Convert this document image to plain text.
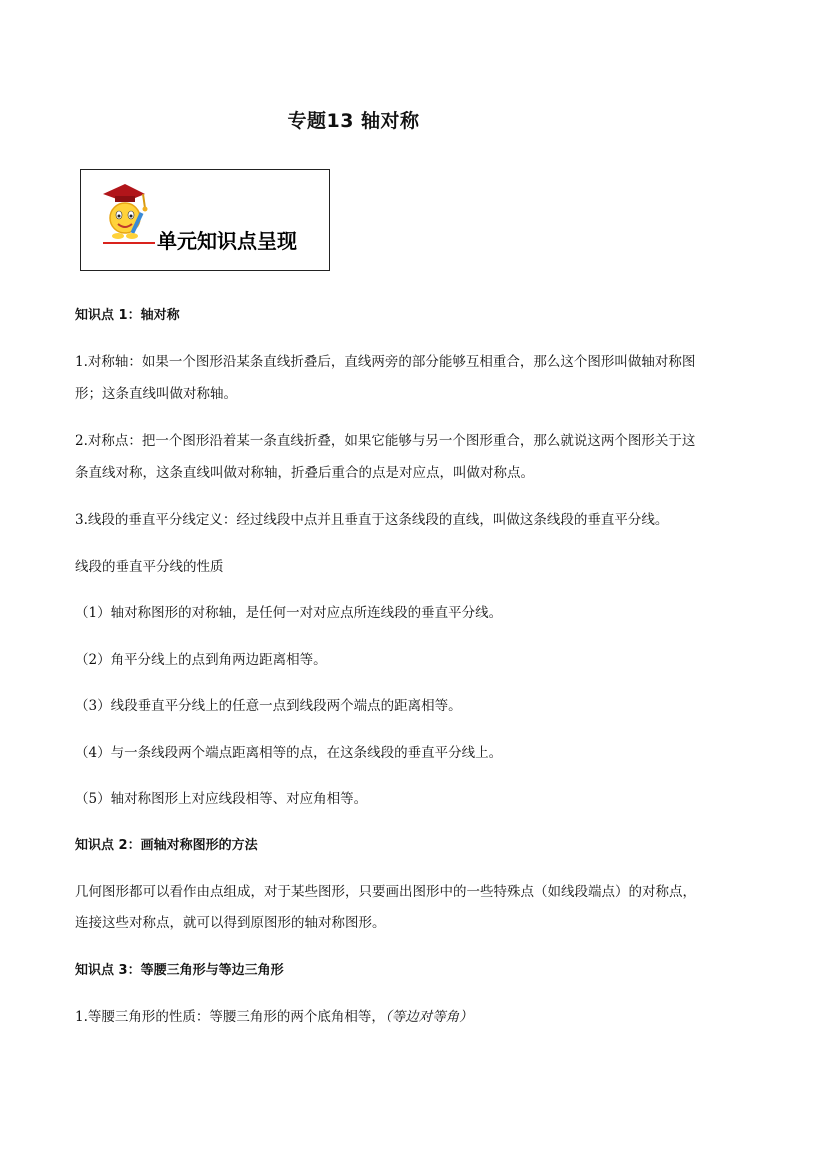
专题13 轴对称
单元知识点呈现
知识点 1：轴对称
1.对称轴：如果一个图形沿某条直线折叠后，直线两旁的部分能够互相重合，那么这个图形叫做轴对称图
形；这条直线叫做对称轴。
2.对称点：把一个图形沿着某一条直线折叠，如果它能够与另一个图形重合，那么就说这两个图形关于这
条直线对称，这条直线叫做对称轴，折叠后重合的点是对应点，叫做对称点。
3.线段的垂直平分线定义：经过线段中点并且垂直于这条线段的直线，叫做这条线段的垂直平分线。
线段的垂直平分线的性质
（1）轴对称图形的对称轴，是任何一对对应点所连线段的垂直平分线。
（2）角平分线上的点到角两边距离相等。
（3）线段垂直平分线上的任意一点到线段两个端点的距离相等。
（4）与一条线段两个端点距离相等的点，在这条线段的垂直平分线上。
（5）轴对称图形上对应线段相等、对应角相等。
知识点 2：画轴对称图形的方法
几何图形都可以看作由点组成，对于某些图形，只要画出图形中的一些特殊点（如线段端点）的对称点，
连接这些对称点，就可以得到原图形的轴对称图形。
知识点 3：等腰三角形与等边三角形
1.等腰三角形的性质：等腰三角形的两个底角相等，（等边对等角）
